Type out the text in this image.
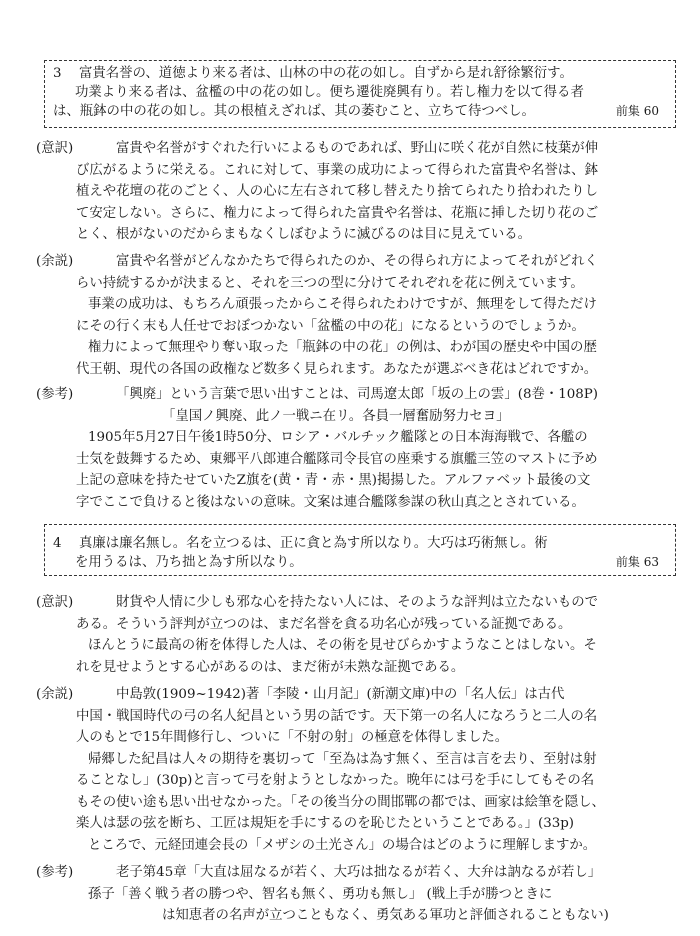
3 富貴名誉の、道徳より来る者は、山林の中の花の如し。自ずから是れ舒徐繁衍す。
功業より来る者は、盆檻の中の花の如し。便ち遷徙廃興有り。若し権力を以て得る者
は、瓶鉢の中の花の如し。其の根植えざれば、其の萎むこと、立ちて待つべし。	前集 60
(意訳)	富貴や名誉がすぐれた行いによるものであれば、野山に咲く花が自然に枝葉が伸
び広がるように栄える。これに対して、事業の成功によって得られた富貴や名誉は、鉢
植えや花壇の花のごとく、人の心に左右されて移し替えたり捨てられたり拾われたりし
て安定しない。さらに、権力によって得られた富貴や名誉は、花瓶に挿した切り花のご
とく、根がないのだからまもなくしぼむように滅びるのは目に見えている。
(余説)	富貴や名誉がどんなかたちで得られたのか、その得られ方によってそれがどれく
らい持続するかが決まると、それを三つの型に分けてそれぞれを花に例えています。
事業の成功は、もちろん頑張ったからこそ得られたわけですが、無理をして得ただけ
にその行く末も人任せでおぼつかない「盆檻の中の花」になるというのでしょうか。
権力によって無理やり奪い取った「瓶鉢の中の花」の例は、わが国の歴史や中国の歴
代王朝、現代の各国の政権など数多く見られます。あなたが選ぶべき花はどれですか。
(参考)	「興廃」という言葉で思い出すことは、司馬遼太郎「坂の上の雲」(8巻・108P)
「皇国ノ興廃、此ノ一戦ニ在リ。各員一層奮励努力セヨ」
1905年5月27日午後1時50分、ロシア・バルチック艦隊との日本海海戦で、各艦の
士気を鼓舞するため、東郷平八郎連合艦隊司令長官の座乗する旗艦三笠のマストに予め
上記の意味を持たせていたZ旗を(黄・青・赤・黒)掲揚した。アルファベット最後の文
字でここで負けると後はないの意味。文案は連合艦隊参謀の秋山真之とされている。
4 真廉は廉名無し。名を立つるは、正に貪と為す所以なり。大巧は巧術無し。術
を用うるは、乃ち拙と為す所以なり。	前集 63
(意訳)	財貨や人情に少しも邪な心を持たない人には、そのような評判は立たないもので
ある。そういう評判が立つのは、まだ名誉を貪る功名心が残っている証拠である。
ほんとうに最高の術を体得した人は、その術を見せびらかすようなことはしない。そ
れを見せようとする心があるのは、まだ術が未熟な証拠である。
(余説)	中島敦(1909~1942)著「李陵・山月記」(新潮文庫)中の「名人伝」は古代
中国・戦国時代の弓の名人紀昌という男の話です。天下第一の名人になろうと二人の名
人のもとで15年間修行し、ついに「不射の射」の極意を体得しました。
帰郷した紀昌は人々の期待を裏切って「至為は為す無く、至言は言を去り、至射は射
ることなし」(30p)と言って弓を射ようとしなかった。晩年には弓を手にしてもその名
もその使い途も思い出せなかった。「その後当分の間邯鄲の都では、画家は絵筆を隠し、
楽人は瑟の弦を断ち、工匠は規矩を手にするのを恥じたということである。」(33p)
ところで、元経団連会長の「メザシの土光さん」の場合はどのように理解しますか。
(参考)	老子第45章「大直は屈なるが若く、大巧は拙なるが若く、大弁は訥なるが若し」
孫子「善く戦う者の勝つや、智名も無く、勇功も無し」 (戦上手が勝つときに
は知恵者の名声が立つこともなく、勇気ある軍功と評価されることもない)
